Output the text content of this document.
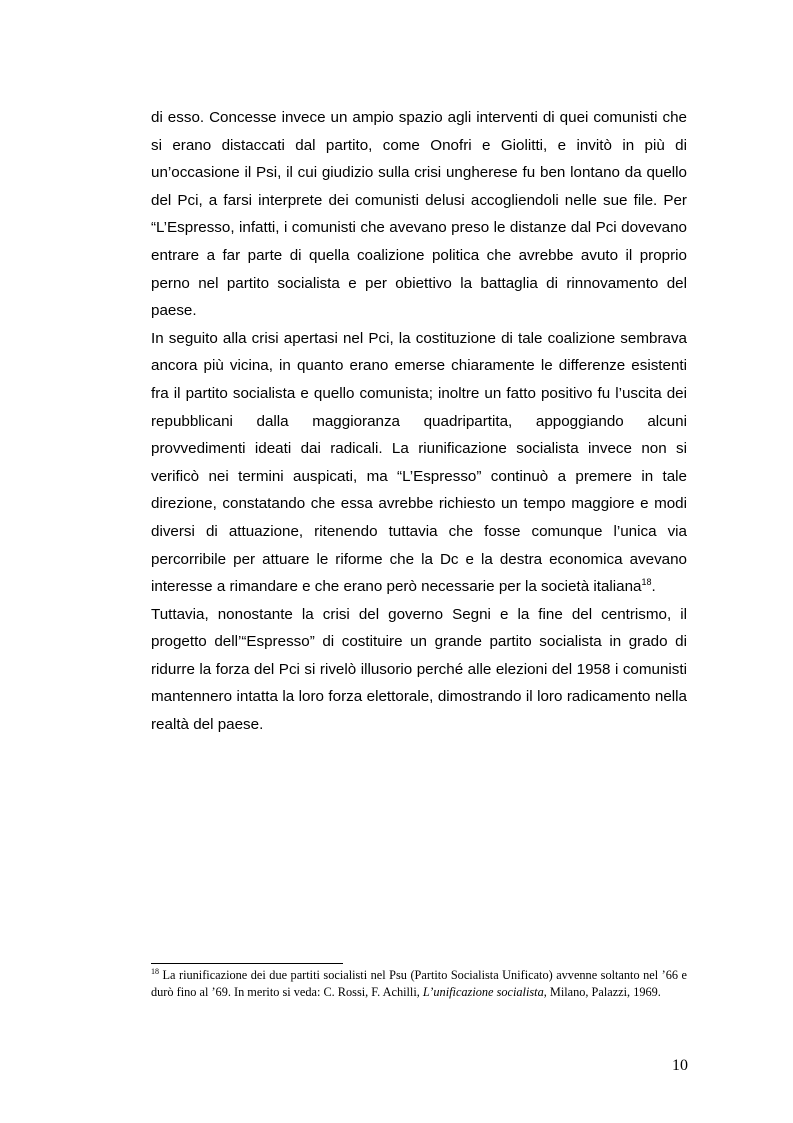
di esso. Concesse invece un ampio spazio agli interventi di quei comunisti che si erano distaccati dal partito, come Onofri e Giolitti, e invitò in più di un’occasione il Psi, il cui giudizio sulla crisi ungherese fu ben lontano da quello del Pci, a farsi interprete dei comunisti delusi accogliendoli nelle sue file. Per “L’Espresso, infatti, i comunisti che avevano preso le distanze dal Pci dovevano entrare a far parte di quella coalizione politica che avrebbe avuto il proprio perno nel partito socialista e per obiettivo la battaglia di rinnovamento del paese.

In seguito alla crisi apertasi nel Pci, la costituzione di tale coalizione sembrava ancora più vicina, in quanto erano emerse chiaramente le differenze esistenti fra il partito socialista e quello comunista; inoltre un fatto positivo fu l’uscita dei repubblicani dalla maggioranza quadripartita, appoggiando alcuni provvedimenti ideati dai radicali. La riunificazione socialista invece non si verificò nei termini auspicati, ma “L’Espresso” continuò a premere in tale direzione, constatando che essa avrebbe richiesto un tempo maggiore e modi diversi di attuazione, ritenendo tuttavia che fosse comunque l’unica via percorribile per attuare le riforme che la Dc e la destra economica avevano interesse a rimandare e che erano però necessarie per la società italiana$^{18}$.

Tuttavia, nonostante la crisi del governo Segni e la fine del centrismo, il progetto dell’“Espresso” di costituire un grande partito socialista in grado di ridurre la forza del Pci si rivelò illusorio perché alle elezioni del 1958 i comunisti mantennero intatta la loro forza elettorale, dimostrando il loro radicamento nella realtà del paese.

$^{18}$ La riunificazione dei due partiti socialisti nel Psu (Partito Socialista Unificato) avvenne soltanto nel ’66 e durò fino al ’69. In merito si veda: C. Rossi, F. Achilli, L’unificazione socialista, Milano, Palazzi, 1969.
10
